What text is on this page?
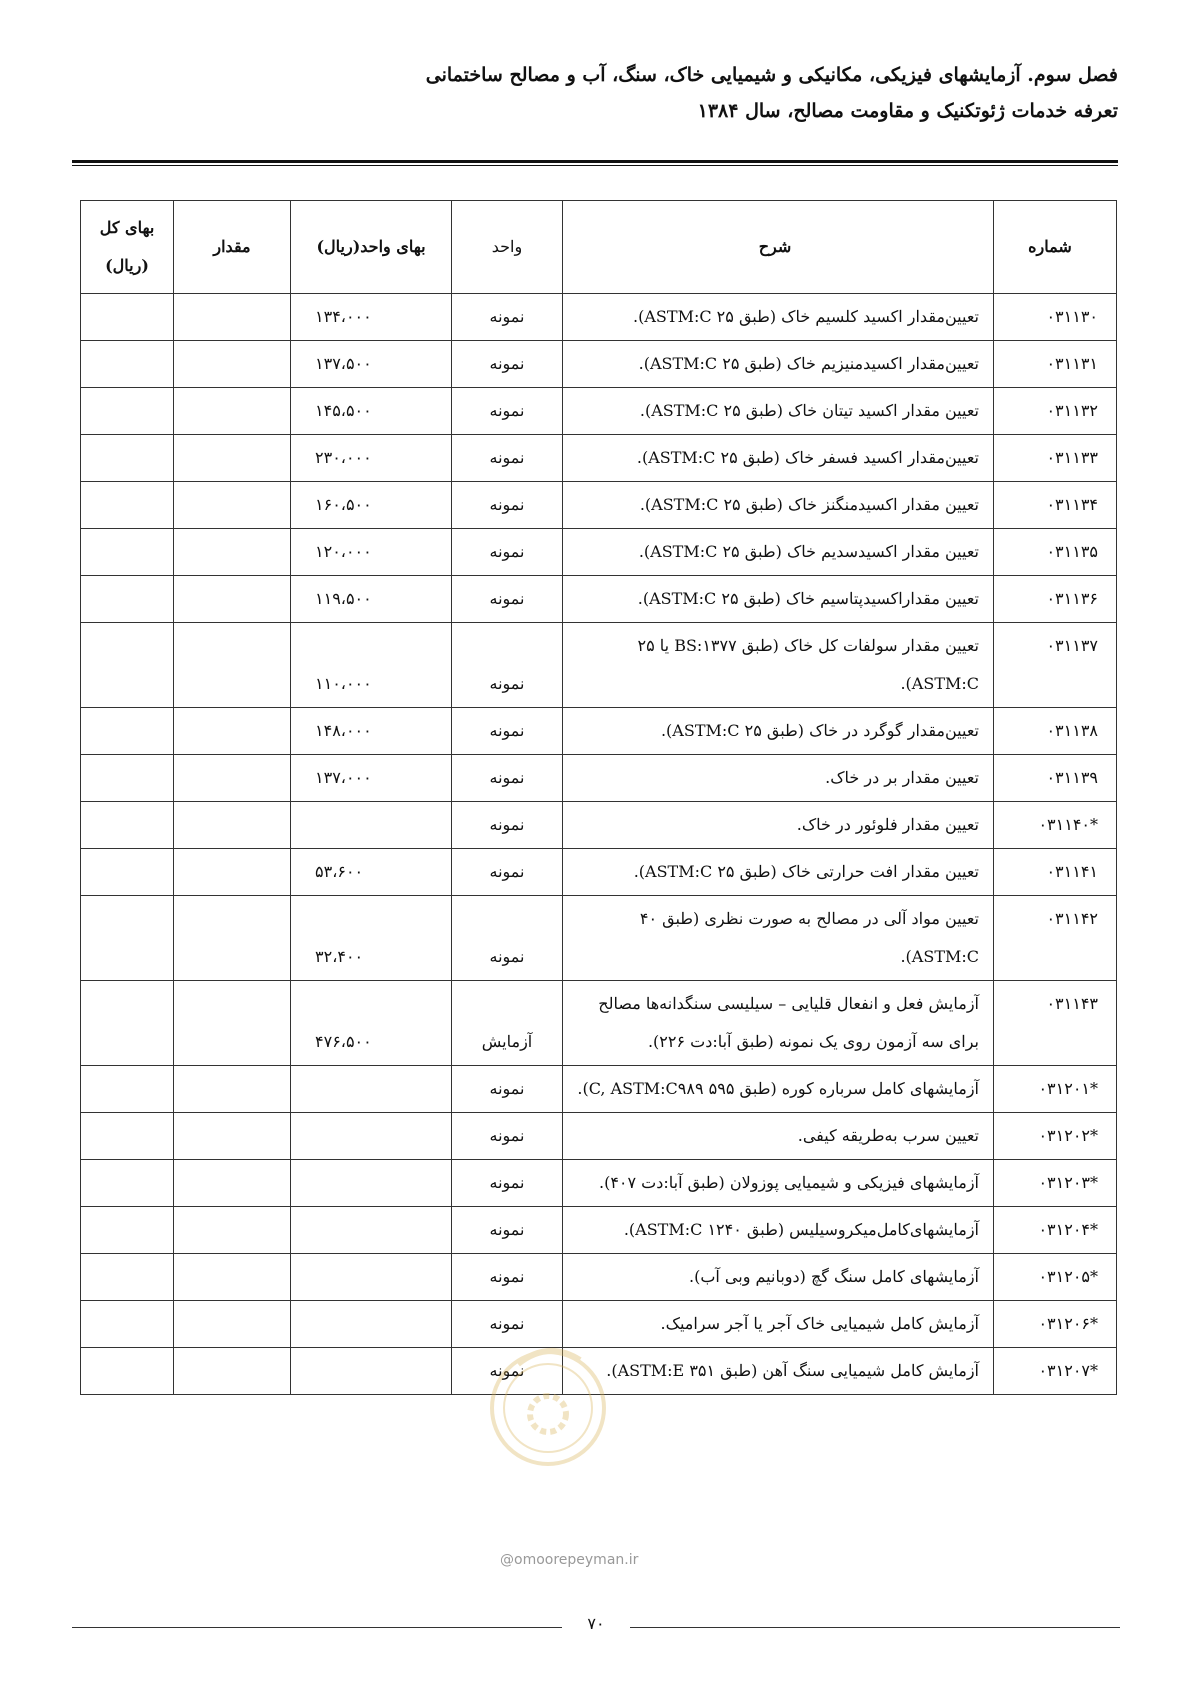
فصل سوم. آزمایشهای فیزیکی، مکانیکی و شیمیایی خاک، سنگ، آب و مصالح ساختمانی
تعرفه خدمات ژئوتکنیک و مقاومت مصالح، سال ۱۳۸۴
شماره	شرح	واحد	بهای واحد(ریال)	مقدار	بهای کل (ریال)
۰۳۱۱۳۰	تعیین‌مقدار اکسید کلسیم خاک (طبق ۲۵ ASTM:C).	نمونه	۱۳۴،۰۰۰		
۰۳۱۱۳۱	تعیین‌مقدار اکسیدمنیزیم خاک (طبق ۲۵ ASTM:C).	نمونه	۱۳۷،۵۰۰		
۰۳۱۱۳۲	تعیین مقدار اکسید تیتان خاک (طبق ۲۵ ASTM:C).	نمونه	۱۴۵،۵۰۰		
۰۳۱۱۳۳	تعیین‌مقدار اکسید فسفر خاک (طبق ۲۵ ASTM:C).	نمونه	۲۳۰،۰۰۰		
۰۳۱۱۳۴	تعیین مقدار اکسیدمنگنز خاک (طبق ۲۵ ASTM:C).	نمونه	۱۶۰،۵۰۰		
۰۳۱۱۳۵	تعیین مقدار اکسیدسدیم خاک (طبق ۲۵ ASTM:C).	نمونه	۱۲۰،۰۰۰		
۰۳۱۱۳۶	تعیین مقداراکسیدپتاسیم خاک (طبق ۲۵ ASTM:C).	نمونه	۱۱۹،۵۰۰		
۰۳۱۱۳۷	تعیین مقدار سولفات کل خاک (طبق BS:۱۳۷۷ یا ۲۵ ASTM:C).	نمونه	۱۱۰،۰۰۰		
۰۳۱۱۳۸	تعیین‌مقدار گوگرد در خاک (طبق ۲۵ ASTM:C).	نمونه	۱۴۸،۰۰۰		
۰۳۱۱۳۹	تعیین مقدار بر در خاک.	نمونه	۱۳۷،۰۰۰		
*۰۳۱۱۴۰	تعیین مقدار فلوئور در خاک.	نمونه			
۰۳۱۱۴۱	تعیین مقدار افت حرارتی خاک (طبق ۲۵ ASTM:C).	نمونه	۵۳،۶۰۰		
۰۳۱۱۴۲	تعیین مواد آلی در مصالح به صورت نظری (طبق ۴۰ ASTM:C).	نمونه	۳۲،۴۰۰		
۰۳۱۱۴۳	آزمایش فعل و انفعال قلیایی – سیلیسی سنگدانه‌ها مصالح برای سه آزمون روی یک نمونه (طبق آبا:دت ۲۲۶).	آزمایش	۴۷۶،۵۰۰		
*۰۳۱۲۰۱	آزمایشهای کامل سرباره کوره (طبق ۵۹۵ C, ASTM:C۹۸۹).	نمونه			
*۰۳۱۲۰۲	تعیین سرب به‌طریقه کیفی.	نمونه			
*۰۳۱۲۰۳	آزمایشهای فیزیکی و شیمیایی پوزولان (طبق آبا:دت ۴۰۷).	نمونه			
*۰۳۱۲۰۴	آزمایشهای‌کامل‌میکروسیلیس (طبق ۱۲۴۰ ASTM:C).	نمونه			
*۰۳۱۲۰۵	آزمایشهای کامل سنگ گچ (دوبانیم وبی آب).	نمونه			
*۰۳۱۲۰۶	آزمایش کامل شیمیایی خاک آجر یا آجر سرامیک.	نمونه			
*۰۳۱۲۰۷	آزمایش کامل شیمیایی سنگ آهن (طبق ۳۵۱ ASTM:E).	نمونه			
@omoorepeyman.ir
۷۰
